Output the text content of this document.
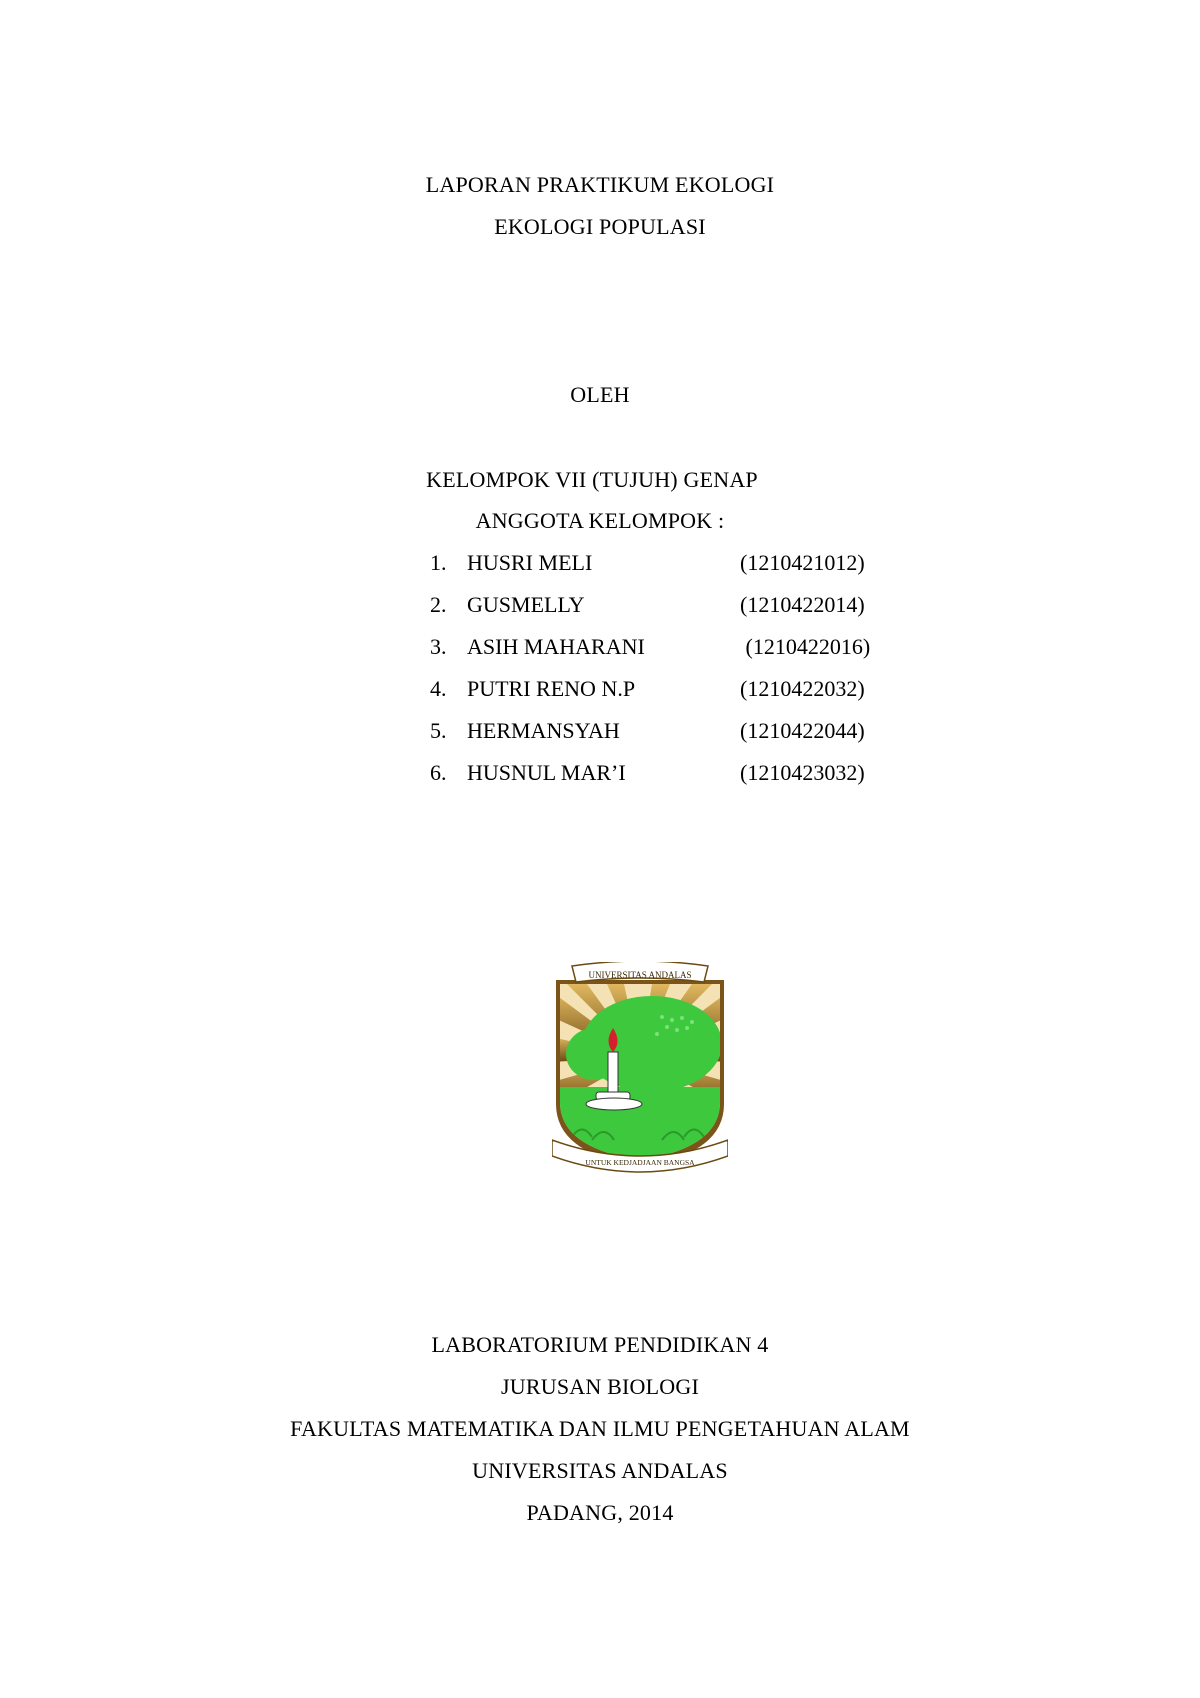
LAPORAN PRAKTIKUM EKOLOGI
EKOLOGI POPULASI
OLEH
KELOMPOK VII (TUJUH) GENAP
ANGGOTA KELOMPOK :
1. HUSRI MELI	(1210421012)
2. GUSMELLY	(1210422014)
3. ASIH MAHARANI	(1210422016)
4. PUTRI RENO N.P	(1210422032)
5. HERMANSYAH	(1210422044)
6. HUSNUL MAR’I	(1210423032)
UNIVERSITAS ANDALAS
UNTUK KEDJADJAAN BANGSA
LABORATORIUM PENDIDIKAN 4
JURUSAN BIOLOGI
FAKULTAS MATEMATIKA DAN ILMU PENGETAHUAN ALAM
UNIVERSITAS ANDALAS
PADANG, 2014
